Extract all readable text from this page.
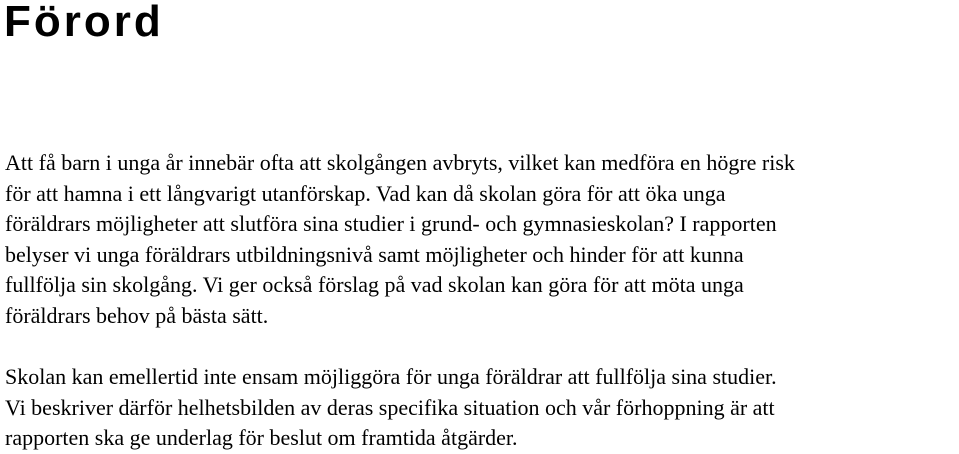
Förord

Att få barn i unga år innebär ofta att skolgången avbryts, vilket kan medföra en högre risk
för att hamna i ett långvarigt utanförskap. Vad kan då skolan göra för att öka unga
föräldrars möjligheter att slutföra sina studier i grund- och gymnasieskolan? I rapporten
belyser vi unga föräldrars utbildningsnivå samt möjligheter och hinder för att kunna
fullfölja sin skolgång. Vi ger också förslag på vad skolan kan göra för att möta unga
föräldrars behov på bästa sätt.

Skolan kan emellertid inte ensam möjliggöra för unga föräldrar att fullfölja sina studier.
Vi beskriver därför helhetsbilden av deras specifika situation och vår förhoppning är att
rapporten ska ge underlag för beslut om framtida åtgärder.
